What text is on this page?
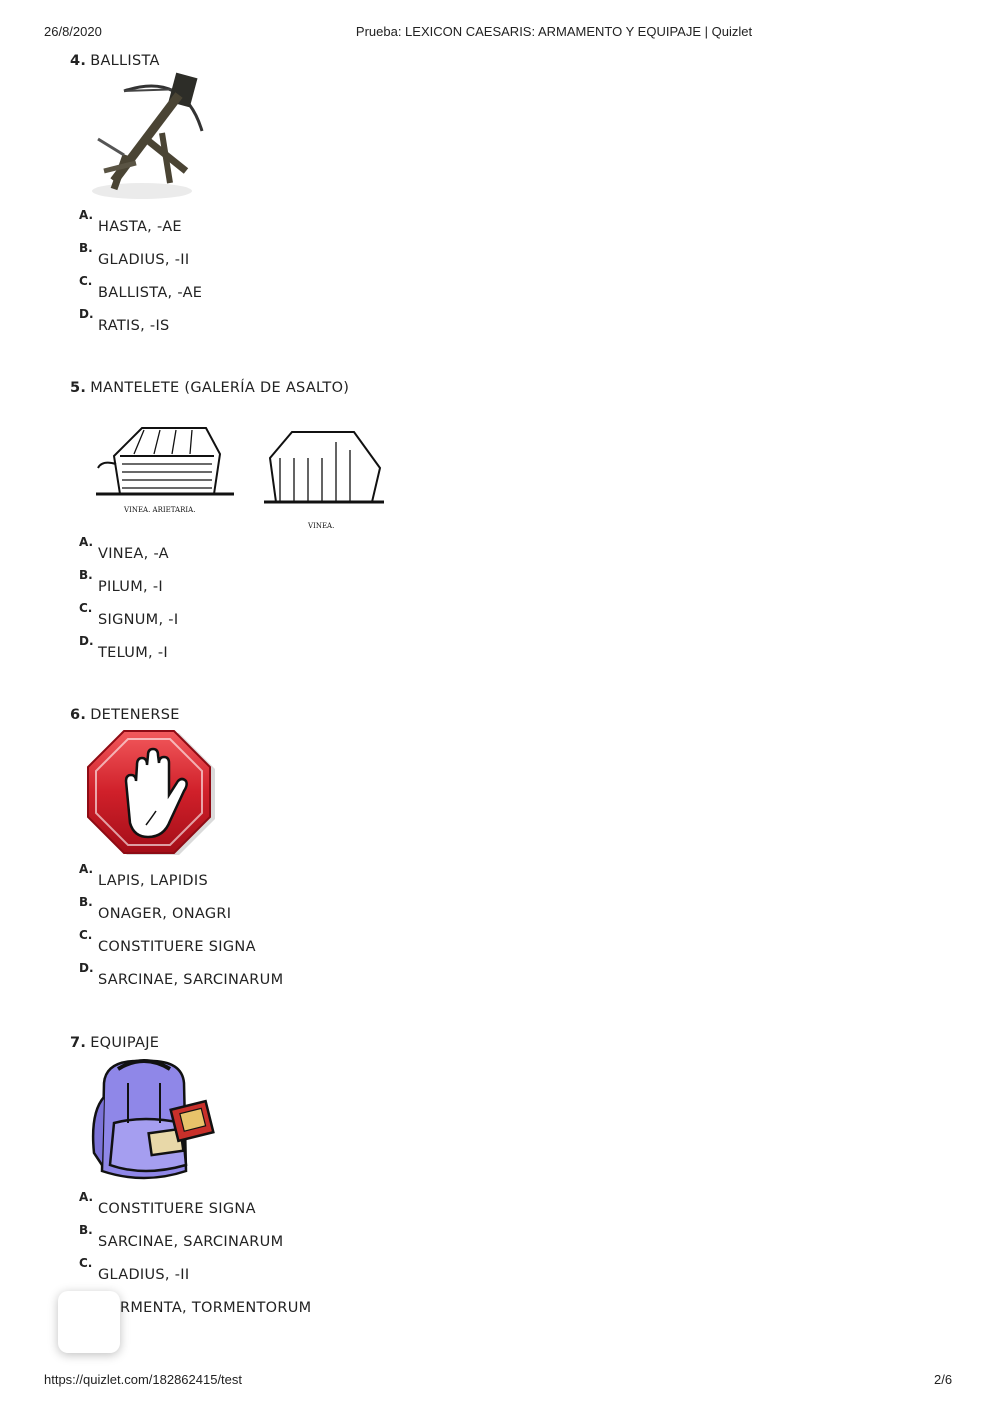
26/8/2020	Prueba: LEXICON CAESARIS: ARMAMENTO Y EQUIPAJE | Quizlet
4. BALLISTA
A.
HASTA, -AE
B.
GLADIUS, -II
C.
BALLISTA, -AE
D.
RATIS, -IS
5. MANTELETE (GALERÍA DE ASALTO)
VINEA. ARIETARIA.
VINEA.
A.
VINEA, -A
B.
PILUM, -I
C.
SIGNUM, -I
D.
TELUM, -I
6. DETENERSE
A.
LAPIS, LAPIDIS
B.
ONAGER, ONAGRI
C.
CONSTITUERE SIGNA
D.
SARCINAE, SARCINARUM
7. EQUIPAJE
A.
CONSTITUERE SIGNA
B.
SARCINAE, SARCINARUM
C.
GLADIUS, -II
RMENTA, TORMENTORUM
https://quizlet.com/182862415/test	2/6
